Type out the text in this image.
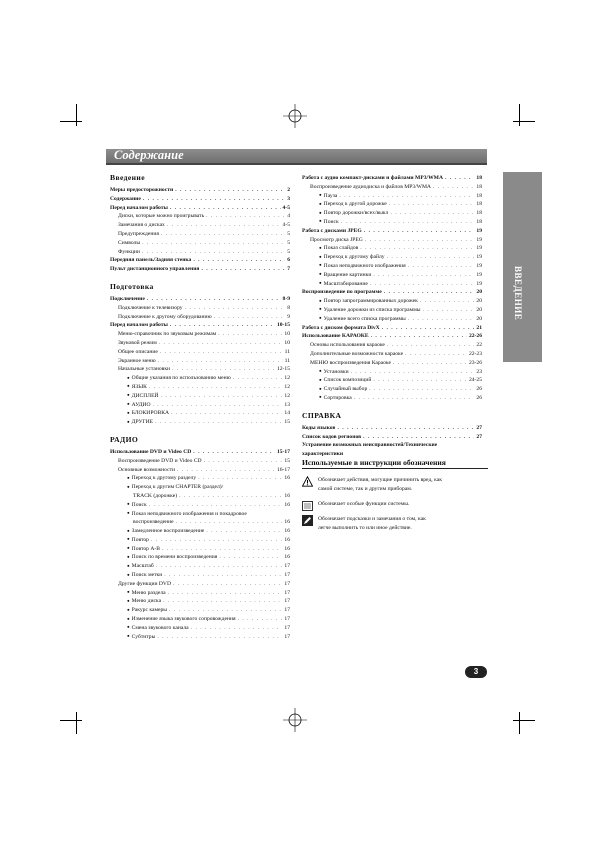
Содержание
ВВЕДЕНИЕ
Введение
Меры предосторожности . . .	2
Содержание . . .	3
Перед началом работы . . .	4-5
Диски, которые можно проигрывать . . .	4
Замечания о дисках . . .	4-5
Предупреждения . . .	5
Символы . . .	5
Функции . . .	5
Передняя панель/Задняя стенка . . .	6
Пульт дистанционного управления . . .	7
Подготовка
Подключение . . .	8-9
Подключение к телевизору . . .	8
Подключение к другому оборудованию . . .	9
Перед началом работы . . .	10-15
Меню-справочник по звуковым режимам . . .	10
Звуковой режим . . .	10
Общее описание . . .	11
Экранное меню . . .	11
Начальные установки . . .	12-15
● Общие указания по использованию меню . . .	12
● ЯЗЫК . . .	12
● ДИСПЛЕЙ . . .	12
● АУДИО . . .	13
● БЛОКИРОВКА . . .	14
● ДРУГИЕ . . .	15
РАДИО
Использование DVD и Video CD . . .	15-17
Воспроизведение DVD и Video CD . . .	15
Основные возможности . . .	16-17
● Переход к другому разделу . . .	16
● Переход к другим CHAPTER (раздел)/
TRACK (дорожке) . . .	16
● Поиск . . .	16
● Показ неподвижного изображения и покадровое
воспроизведение . . .	16
● Замедленное воспроизведение . . .	16
● Повтор . . .	16
● Повтор A-B . . .	16
● Поиск по времени воспроизведения . . .	16
● Масштаб . . .	17
● Поиск метки . . .	17
Другие функции DVD . . .	17
● Меню раздела . . .	17
● Меню диска . . .	17
● Ракурс камеры . . .	17
● Изменение языка звукового сопровождения . . .	17
● Смена звукового канала . . .	17
● Субтитры . . .	17
Работа с аудио компакт-дисками и файлами MP3/WMA . . .	18
Воспроизведение аудиодиска и файлов MP3/WMA . . .	18
● Пауза . . .	18
● Переход к другой дорожке . . .	18
● Повтор дорожки/всех/выкл . . .	18
● Поиск . . .	18
Работа с дисками JPEG . . .	19
Просмотр диска JPEG . . .	19
● Показ слайдов . . .	19
● Переход к другому файлу . . .	19
● Показ неподвижного изображения . . .	19
● Вращение картинки . . .	19
● Масштабирование . . .	19
Воспроизведение по программе . . .	20
● Повтор запрограммированных дорожек . . .	20
● Удаление дорожки из списка программы . . .	20
● Удаление всего списка программы . . .	20
Работа с диском формата DivX . . .	21
Использование КАРАОКЕ . . .	22-26
Основы использования караоке . . .	22
Дополнительные возможности караоке . . .	22-23
МЕНЮ воспроизведения Караоке . . .	23-26
● Установки . . .	23
● Список композиций . . .	24-25
● Случайный выбор . . .	26
● Сортировка . . .	26
СПРАВКА
Коды языков . . .	27
Список кодов регионов . . .	27
Устранение возможных неисправностей/Технические
характеристики
Используемые в инструкции обозначения
Обозначает действия, могущие причинить вред, как
самой системе, так и другим приборам.
Обозначает особые функции системы.
Обозначает подсказки и замечания о том, как
легче выполнить то или иное действие.
3
